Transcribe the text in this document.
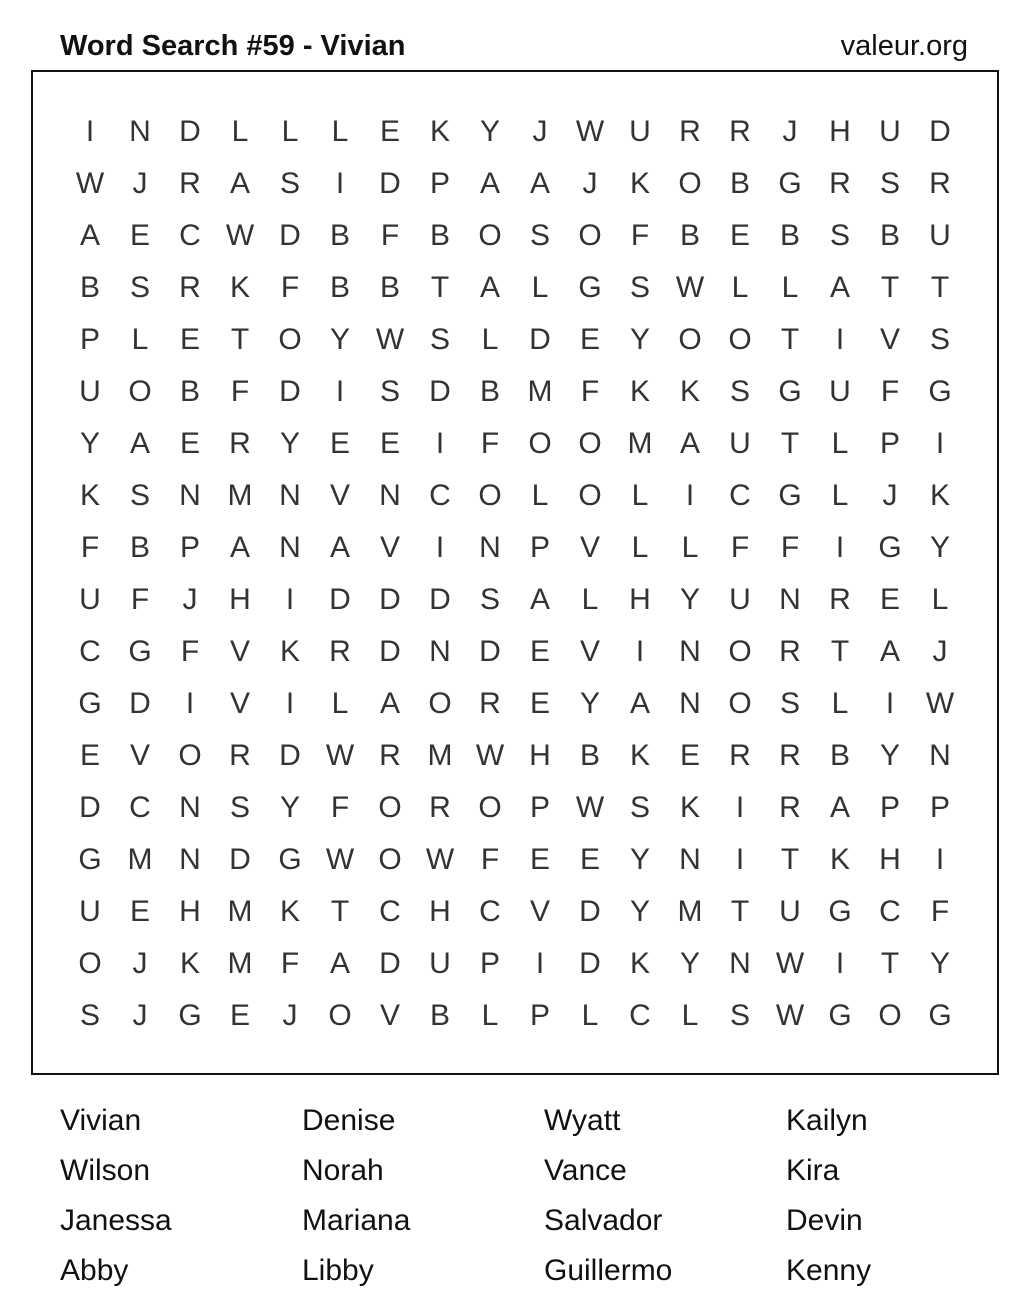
Word Search #59 - Vivian	valeur.org
I	N D	L	L	L	E K Y	J W U R R	J	H U D
W J	R A S	I	D P A A	J	K O B G R S R
A E C W D B	F	B O S O F	B E B S B U
B S R K	F	B B	T	A	L G S W L	L	A	T	T
P	L	E	T O Y W S	L	D E Y O O T	I	V S
U O B	F	D	I	S D B M F	K K S G U	F G
Y A E R Y E E	I	F O O M A U	T	L	P	I
K S N M N V N C O L O L	I	C G L	J	K
F	B P A N A V	I	N P V	L	L	F	F	I	G Y
U	F	J	H	I	D D D S A	L	H Y U N R E	L
C G F	V K R D N D E V	I	N O R	T	A	J
G D	I	V	I	L	A O R E Y A N O S	L	I	W
E V O R D W R M W H B K E R R B Y N
D C N S Y	F O R O P W S K	I	R A P P
G M N D G W O W F	E E Y N	I	T	K H	I
U E H M K	T	C H C V D Y M T	U G C	F
O	J	K M F	A D U P	I	D K Y N W	I	T	Y
S	J	G E	J	O V B	L	P	L	C	L	S W G O G
Vivian	Denise	Wyatt	Kailyn
Wilson	Norah	Vance	Kira
Janessa	Mariana	Salvador	Devin
Abby	Libby	Guillermo	Kenny
